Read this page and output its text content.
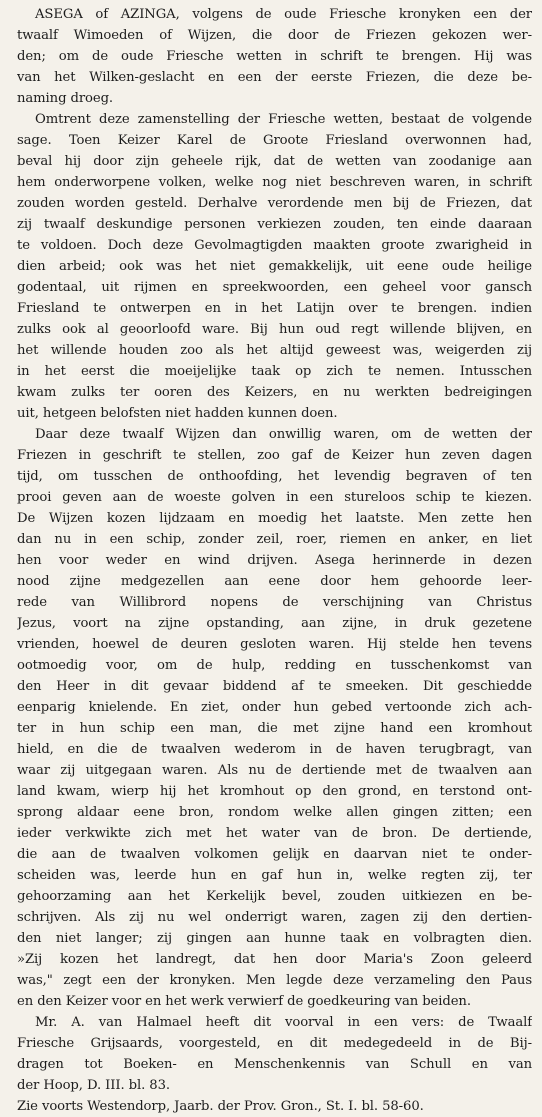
ASEGA of AZINGA, volgens de oude Friesche kronyken een der
twaalf Wimoeden of Wijzen, die door de Friezen gekozen wer-
den; om de oude Friesche wetten in schrift te brengen. Hij was
van het Wilken-geslacht en een der eerste Friezen, die deze be-
naming droeg.
Omtrent deze zamenstelling der Friesche wetten, bestaat de volgende
sage. Toen Keizer Karel de Groote Friesland overwonnen had,
beval hij door zijn geheele rijk, dat de wetten van zoodanige aan
hem onderworpene volken, welke nog niet beschreven waren, in schrift
zouden worden gesteld. Derhalve verordende men bij de Friezen, dat
zij twaalf deskundige personen verkiezen zouden, ten einde daaraan
te voldoen. Doch deze Gevolmagtigden maakten groote zwarigheid in
dien arbeid; ook was het niet gemakkelijk, uit eene oude heilige
godentaal, uit rijmen en spreekwoorden, een geheel voor gansch
Friesland te ontwerpen en in het Latijn over te brengen. indien
zulks ook al geoorloofd ware. Bij hun oud regt willende blijven, en
het willende houden zoo als het altijd geweest was, weigerden zij
in het eerst die moeijelijke taak op zich te nemen. Intusschen
kwam zulks ter ooren des Keizers, en nu werkten bedreigingen
uit, hetgeen belofsten niet hadden kunnen doen.
Daar deze twaalf Wijzen dan onwillig waren, om de wetten der
Friezen in geschrift te stellen, zoo gaf de Keizer hun zeven dagen
tijd, om tusschen de onthoofding, het levendig begraven of ten
prooi geven aan de woeste golven in een stureloos schip te kiezen.
De Wijzen kozen lijdzaam en moedig het laatste. Men zette hen
dan nu in een schip, zonder zeil, roer, riemen en anker, en liet
hen voor weder en wind drijven. Asega herinnerde in dezen
nood zijne medgezellen aan eene door hem gehoorde leer-
rede van Willibrord nopens de verschijning van Christus
Jezus, voort na zijne opstanding, aan zijne, in druk gezetene
vrienden, hoewel de deuren gesloten waren. Hij stelde hen tevens
ootmoedig voor, om de hulp, redding en tusschenkomst van
den Heer in dit gevaar biddend af te smeeken. Dit geschiedde
eenparig knielende. En ziet, onder hun gebed vertoonde zich ach-
ter in hun schip een man, die met zijne hand een kromhout
hield, en die de twaalven wederom in de haven terugbragt, van
waar zij uitgegaan waren. Als nu de dertiende met de twaalven aan
land kwam, wierp hij het kromhout op den grond, en terstond ont-
sprong aldaar eene bron, rondom welke allen gingen zitten; een
ieder verkwikte zich met het water van de bron. De dertiende,
die aan de twaalven volkomen gelijk en daarvan niet te onder-
scheiden was, leerde hun en gaf hun in, welke regten zij, ter
gehoorzaming aan het Kerkelijk bevel, zouden uitkiezen en be-
schrijven. Als zij nu wel onderrigt waren, zagen zij den dertien-
den niet langer; zij gingen aan hunne taak en volbragten dien.
»Zij kozen het landregt, dat hen door Maria's Zoon geleerd
was," zegt een der kronyken. Men legde deze verzameling den Paus
en den Keizer voor en het werk verwierf de goedkeuring van beiden.
Mr. A. van Halmael heeft dit voorval in een vers: de Twaalf
Friesche Grijsaards, voorgesteld, en dit medegedeeld in de Bij-
dragen tot Boeken- en Menschenkennis van Schull en van
der Hoop, D. III. bl. 83.
Zie voorts Westendorp, Jaarb. der Prov. Gron., St. I. bl. 58-60.
